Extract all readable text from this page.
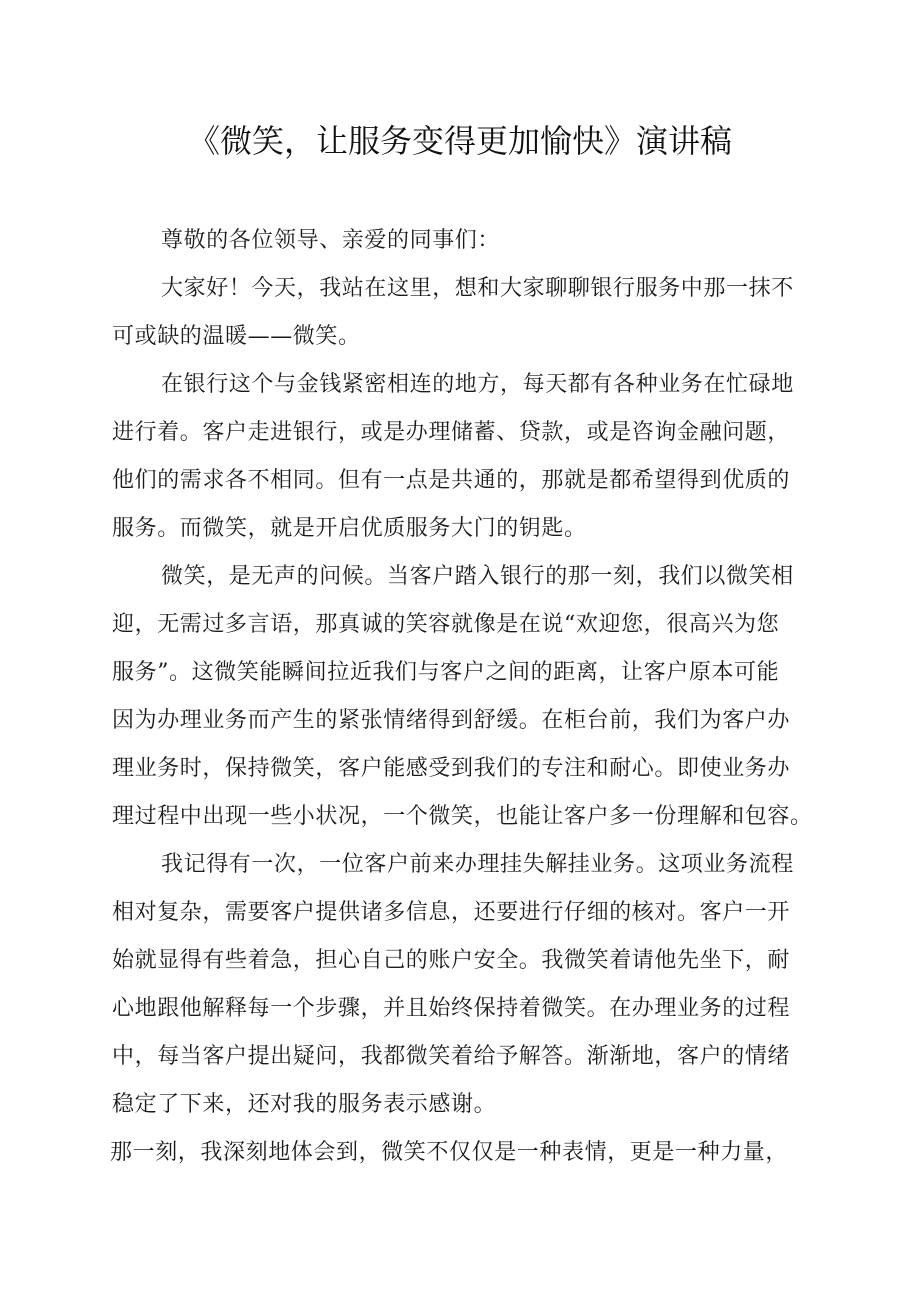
《微笑，让服务变得更加愉快》演讲稿
尊敬的各位领导、亲爱的同事们：
大家好！今天，我站在这里，想和大家聊聊银行服务中那一抹不
可或缺的温暖——微笑。
在银行这个与金钱紧密相连的地方，每天都有各种业务在忙碌地
进行着。客户走进银行，或是办理储蓄、贷款，或是咨询金融问题，
他们的需求各不相同。但有一点是共通的，那就是都希望得到优质的
服务。而微笑，就是开启优质服务大门的钥匙。
微笑，是无声的问候。当客户踏入银行的那一刻，我们以微笑相
迎，无需过多言语，那真诚的笑容就像是在说“欢迎您，很高兴为您
服务”。这微笑能瞬间拉近我们与客户之间的距离，让客户原本可能
因为办理业务而产生的紧张情绪得到舒缓。在柜台前，我们为客户办
理业务时，保持微笑，客户能感受到我们的专注和耐心。即使业务办
理过程中出现一些小状况，一个微笑，也能让客户多一份理解和包容。
我记得有一次，一位客户前来办理挂失解挂业务。这项业务流程
相对复杂，需要客户提供诸多信息，还要进行仔细的核对。客户一开
始就显得有些着急，担心自己的账户安全。我微笑着请他先坐下，耐
心地跟他解释每一个步骤，并且始终保持着微笑。在办理业务的过程
中，每当客户提出疑问，我都微笑着给予解答。渐渐地，客户的情绪
稳定了下来，还对我的服务表示感谢。
那一刻，我深刻地体会到，微笑不仅仅是一种表情，更是一种力量，
